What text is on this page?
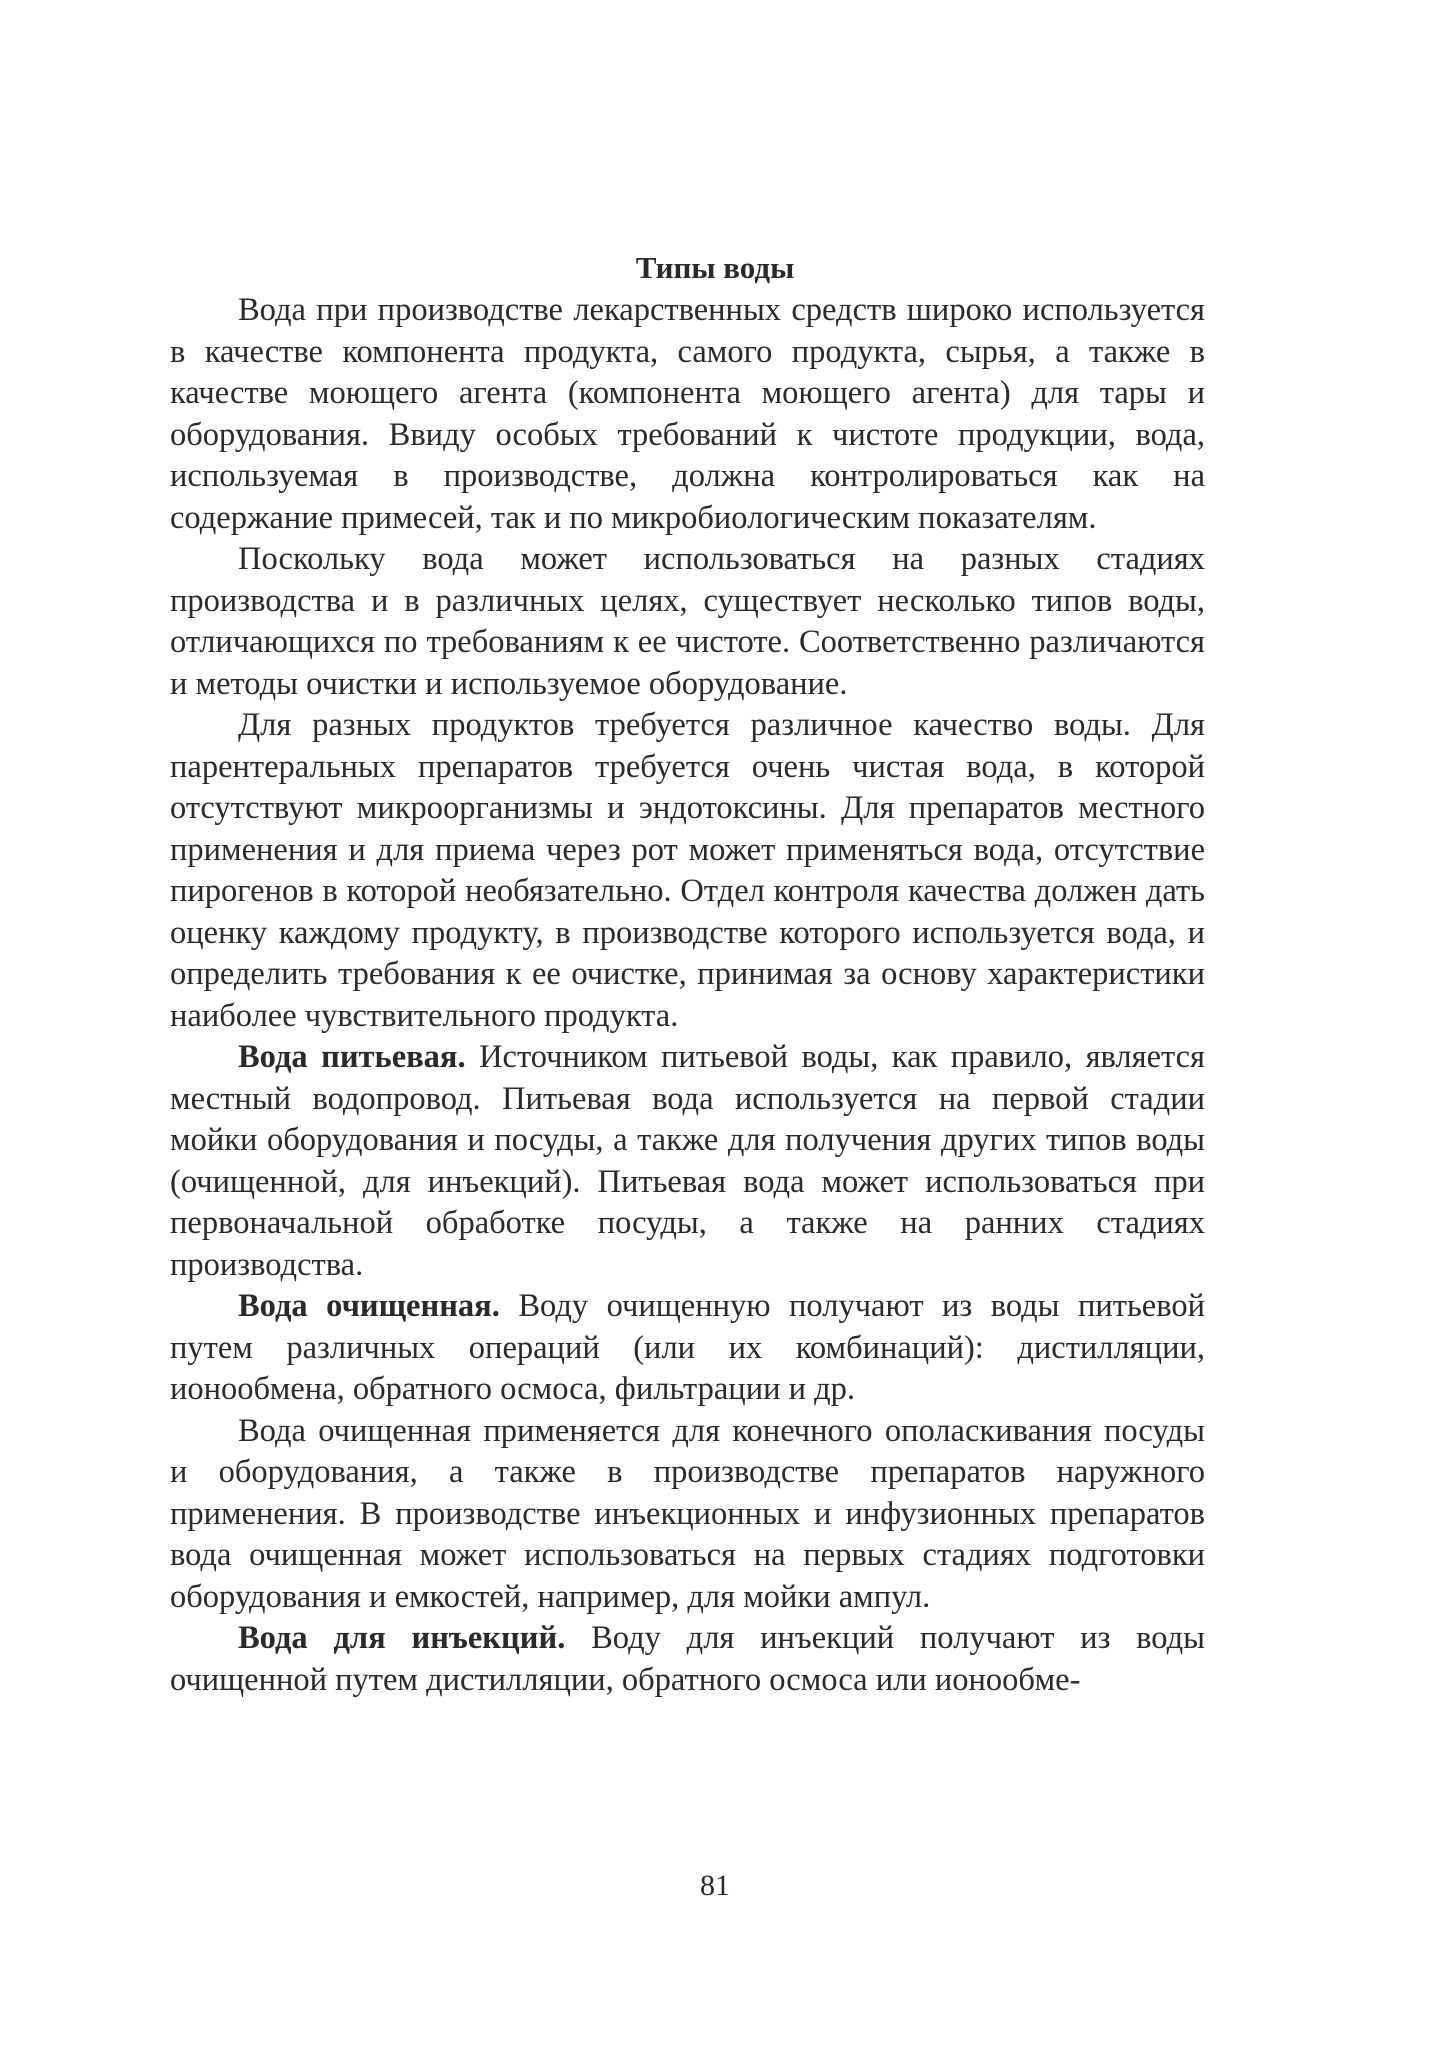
Типы воды

Вода при производстве лекарственных средств широко используется в качестве компонента продукта, самого продукта, сырья, а также в качестве моющего агента (компонента моющего агента) для тары и оборудования. Ввиду особых требований к чистоте продукции, вода, используемая в производстве, должна контролироваться как на содержание примесей, так и по микробиологическим показателям.

Поскольку вода может использоваться на разных стадиях производства и в различных целях, существует несколько типов воды, отличающихся по требованиям к ее чистоте. Соответственно различаются и методы очистки и используемое оборудование.

Для разных продуктов требуется различное качество воды. Для парентеральных препаратов требуется очень чистая вода, в которой отсутствуют микроорганизмы и эндотоксины. Для препаратов местного применения и для приема через рот может применяться вода, отсутствие пирогенов в которой необязательно. Отдел контроля качества должен дать оценку каждому продукту, в производстве которого используется вода, и определить требования к ее очистке, принимая за основу характеристики наиболее чувствительного продукта.

Вода питьевая. Источником питьевой воды, как правило, является местный водопровод. Питьевая вода используется на первой стадии мойки оборудования и посуды, а также для получения других типов воды (очищенной, для инъекций). Питьевая вода может использоваться при первоначальной обработке посуды, а также на ранних стадиях производства.

Вода очищенная. Воду очищенную получают из воды питьевой путем различных операций (или их комбинаций): дистилляции, ионообмена, обратного осмоса, фильтрации и др.

Вода очищенная применяется для конечного ополаскивания посуды и оборудования, а также в производстве препаратов наружного применения. В производстве инъекционных и инфузионных препаратов вода очищенная может использоваться на первых стадиях подготовки оборудования и емкостей, например, для мойки ампул.

Вода для инъекций. Воду для инъекций получают из воды очищенной путем дистилляции, обратного осмоса или ионообме-

81
